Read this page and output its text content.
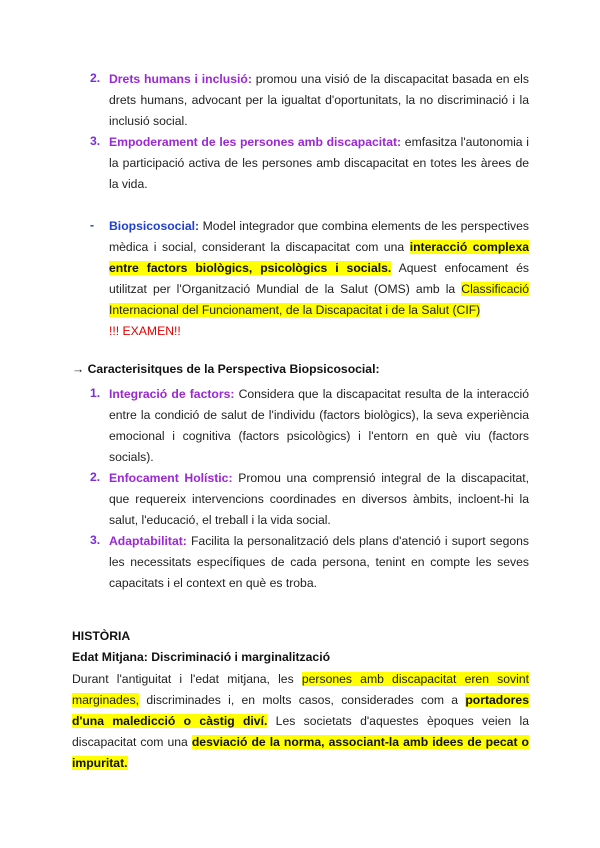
2. Drets humans i inclusió: promou una visió de la discapacitat basada en els drets humans, advocant per la igualtat d'oportunitats, la no discriminació i la inclusió social.
3. Empoderament de les persones amb discapacitat: emfasitza l'autonomia i la participació activa de les persones amb discapacitat en totes les àrees de la vida.
- Biopsicosocial: Model integrador que combina elements de les perspectives mèdica i social, considerant la discapacitat com una interacció complexa entre factors biològics, psicològics i socials. Aquest enfocament és utilitzat per l'Organització Mundial de la Salut (OMS) amb la Classificació Internacional del Funcionament, de la Discapacitat i de la Salut (CIF)
!!! EXAMEN!!
→ Caracterisitques de la Perspectiva Biopsicosocial:
1. Integració de factors: Considera que la discapacitat resulta de la interacció entre la condició de salut de l'individu (factors biològics), la seva experiència emocional i cognitiva (factors psicològics) i l'entorn en què viu (factors socials).
2. Enfocament Holístic: Promou una comprensió integral de la discapacitat, que requereix intervencions coordinades en diversos àmbits, incloent-hi la salut, l'educació, el treball i la vida social.
3. Adaptabilitat: Facilita la personalització dels plans d'atenció i suport segons les necessitats específiques de cada persona, tenint en compte les seves capacitats i el context en què es troba.
HISTÒRIA
Edat Mitjana: Discriminació i marginalització
Durant l'antiguitat i l'edat mitjana, les persones amb discapacitat eren sovint marginades, discriminades i, en molts casos, considerades com a portadores d'una maledicció o càstig diví. Les societats d'aquestes èpoques veien la discapacitat com una desviació de la norma, associant-la amb idees de pecat o impuritat.
